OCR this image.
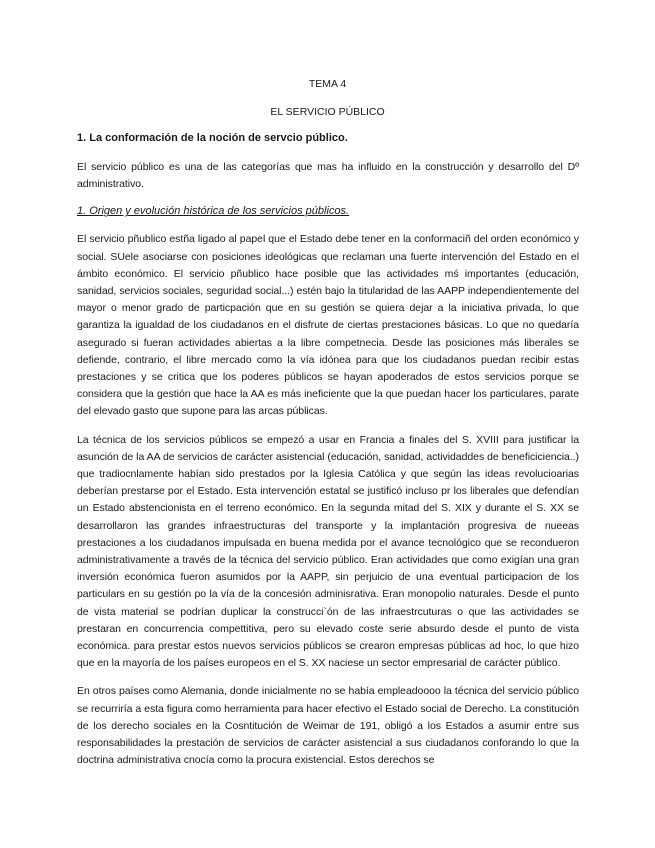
TEMA 4
EL SERVICIO PÚBLICO
1. La conformación de la noción de servcio público.

El servicio público es una de las categorías que mas ha influido en la construcción y desarrollo del Dº administrativo.

1. Origen y evolución histórica de los servicios públicos.

El servicio pñublico estña ligado al papel que el Estado debe tener en la conformaciñ del orden económico y social. SUele asociarse con posiciones ideológicas que reclaman una fuerte intervención del Estado en el ámbito económico. El servicio pñublico hace posible que las actividades mś importantes (educación, sanidad, servicios sociales, seguridad social...) estén bajo la titularidad de las AAPP independientemente del mayor o menor grado de particpación que en su gestión se quiera dejar a la iniciativa privada, lo que garantiza la igualdad de los ciudadanos en el disfrute de ciertas prestaciones básicas. Lo que no quedaría asegurado si fueran actividades abiertas a la libre competnecia. Desde las posiciones más liberales se defiende, contrario, el libre mercado como la vía idónea para que los ciudadanos puedan recibir estas prestaciones y se critica que los poderes públicos se hayan apoderados de estos servicios porque se considera que la gestión que hace la AA es más ineficiente que la que puedan hacer los particulares, parate del elevado gasto que supone para las arcas públicas.

La técnica de los servicios públicos se empezó a usar en Francia a finales del S. XVIII para justificar la asunción de la AA de servicios de carácter asistencial (educación, sanidad, actividaddes de beneficiciencia..) que tradiocnlamente habían sido prestados por la Iglesia Católica y que según las ideas revolucioarias deberían prestarse por el Estado. Esta intervención estatal se justificó incluso pr los liberales que defendían un Estado abstencionista en el terreno económico. En la segunda mitad del S. XIX y durante el S. XX se desarrollaron las grandes infraestructuras del transporte y la implantación progresiva de nueeas prestaciones a los ciudadanos impulsada en buena medida por el avance tecnológico que se recondueron administrativamente a través de la técnica del servicio público. Eran actividades que como exigían una gran inversión económica fueron asumidos por la AAPP, sin perjuicio de una eventual participacion de los particulars en su gestión po la vía de la concesión adminisrativa. Eran monopolio naturales. Desde el punto de vista material se podrían duplicar la construcci`ón de las infraestrcuturas o que las actividades se prestaran en concurrencia compettitiva, pero su elevado coste serie absurdo desde el punto de vista económica. para prestar estos nuevos servicios públicos se crearon empresas públicas ad hoc, lo que hizo que en la mayoría de los países europeos en el S. XX naciese un sector empresarial de carácter público.

En otros países como Alemania, donde inicialmente no se había empleadoooo la técnica del servicio público se recurriría a esta figura como herramienta para hacer efectivo el Estado social de Derecho. La constitución de los derecho sociales en la Cosntitución de Weimar de 191, obligó a los Estados a asumir entre sus responsabilidades la prestación de servicios de carácter asistencial a sus ciudadanos conforando lo que la doctrina administrativa cnocía como la procura existencial. Estos derechos se
